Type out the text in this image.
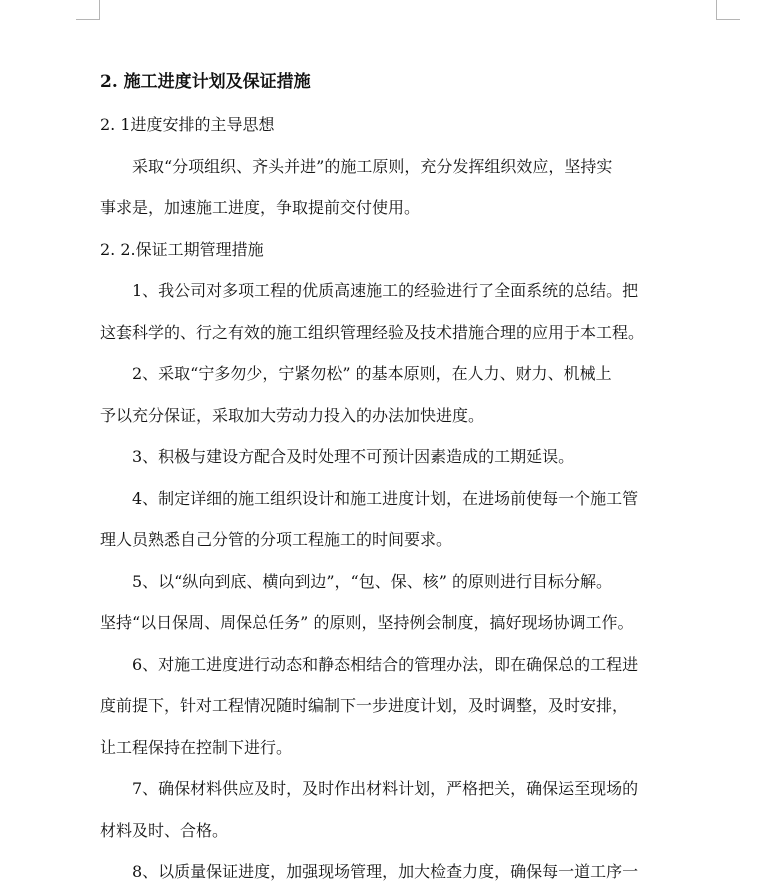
2. 施工进度计划及保证措施
2. 1进度安排的主导思想
采取“分项组织、齐头并进”的施工原则，充分发挥组织效应，坚持实
事求是，加速施工进度，争取提前交付使用。
2. 2.保证工期管理措施
1、我公司对多项工程的优质高速施工的经验进行了全面系统的总结。把
这套科学的、行之有效的施工组织管理经验及技术措施合理的应用于本工程。
2、采取“宁多勿少，宁紧勿松” 的基本原则，在人力、财力、机械上
予以充分保证，采取加大劳动力投入的办法加快进度。
3、积极与建设方配合及时处理不可预计因素造成的工期延误。
4、制定详细的施工组织设计和施工进度计划，在进场前使每一个施工管
理人员熟悉自己分管的分项工程施工的时间要求。
5、以“纵向到底、横向到边”，“包、保、核” 的原则进行目标分解。
坚持“以日保周、周保总任务” 的原则，坚持例会制度，搞好现场协调工作。
6、对施工进度进行动态和静态相结合的管理办法，即在确保总的工程进
度前提下，针对工程情况随时编制下一步进度计划，及时调整，及时安排，
让工程保持在控制下进行。
7、确保材料供应及时，及时作出材料计划，严格把关，确保运至现场的
材料及时、合格。
8、以质量保证进度，加强现场管理，加大检查力度，确保每一道工序一
